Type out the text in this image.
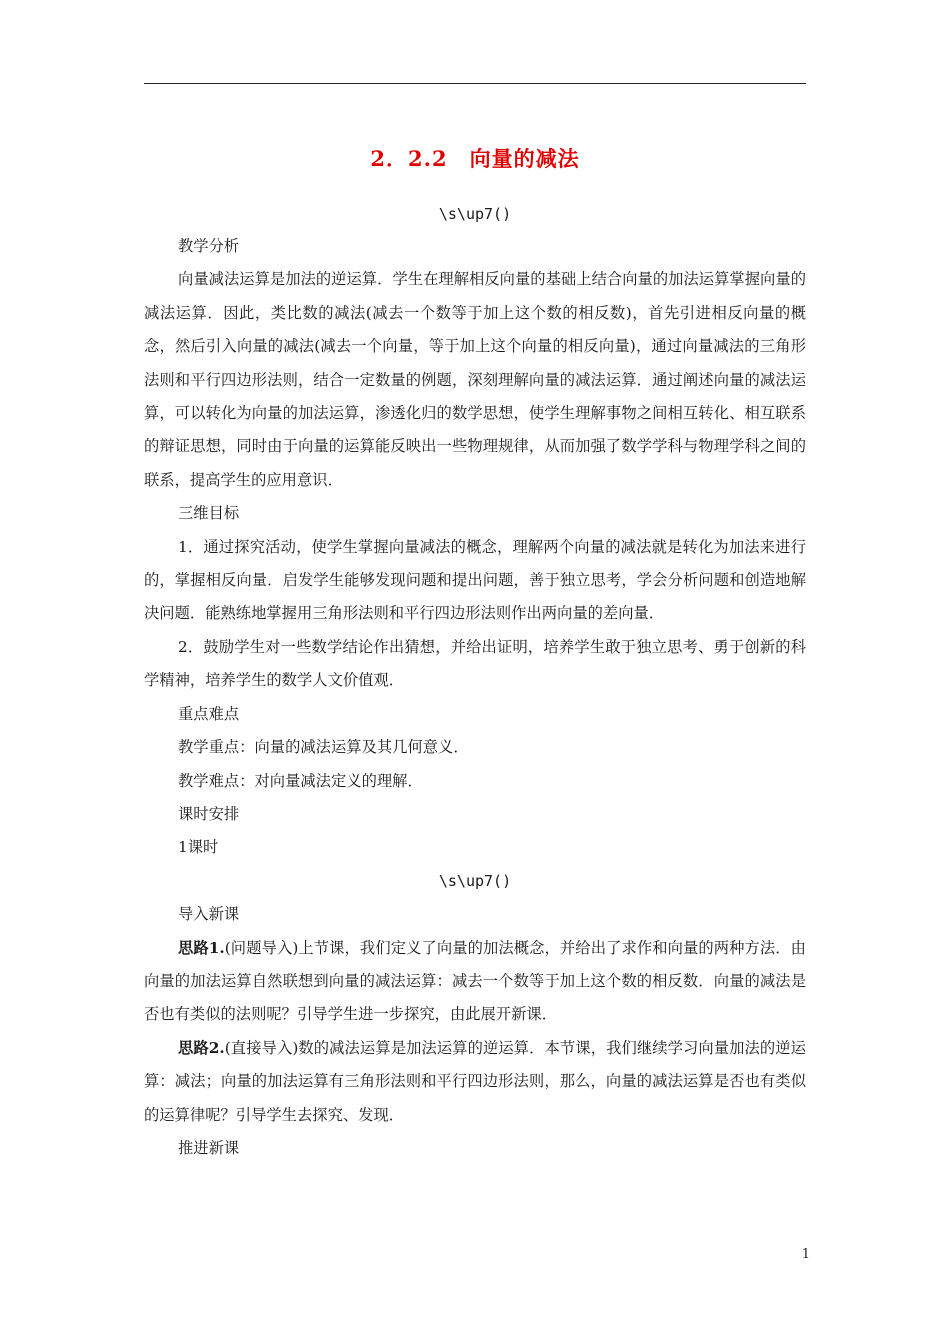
2．2.2　向量的减法
\s\up7()

教学分析

向量减法运算是加法的逆运算．学生在理解相反向量的基础上结合向量的加法运算掌握向量的减法运算．因此，类比数的减法(减去一个数等于加上这个数的相反数)，首先引进相反向量的概念，然后引入向量的减法(减去一个向量，等于加上这个向量的相反向量)，通过向量减法的三角形法则和平行四边形法则，结合一定数量的例题，深刻理解向量的减法运算．通过阐述向量的减法运算，可以转化为向量的加法运算，渗透化归的数学思想，使学生理解事物之间相互转化、相互联系的辩证思想，同时由于向量的运算能反映出一些物理规律，从而加强了数学学科与物理学科之间的联系，提高学生的应用意识．

三维目标

1．通过探究活动，使学生掌握向量减法的概念，理解两个向量的减法就是转化为加法来进行的，掌握相反向量．启发学生能够发现问题和提出问题，善于独立思考，学会分析问题和创造地解决问题．能熟练地掌握用三角形法则和平行四边形法则作出两向量的差向量．

2．鼓励学生对一些数学结论作出猜想，并给出证明，培养学生敢于独立思考、勇于创新的科学精神，培养学生的数学人文价值观．

重点难点

教学重点：向量的减法运算及其几何意义．

教学难点：对向量减法定义的理解．

课时安排

1课时

\s\up7()

导入新课

思路1.(问题导入)上节课，我们定义了向量的加法概念，并给出了求作和向量的两种方法．由向量的加法运算自然联想到向量的减法运算：减去一个数等于加上这个数的相反数．向量的减法是否也有类似的法则呢？引导学生进一步探究，由此展开新课．

思路2.(直接导入)数的减法运算是加法运算的逆运算．本节课，我们继续学习向量加法的逆运算：减法；向量的加法运算有三角形法则和平行四边形法则，那么，向量的减法运算是否也有类似的运算律呢？引导学生去探究、发现．

推进新课

1
